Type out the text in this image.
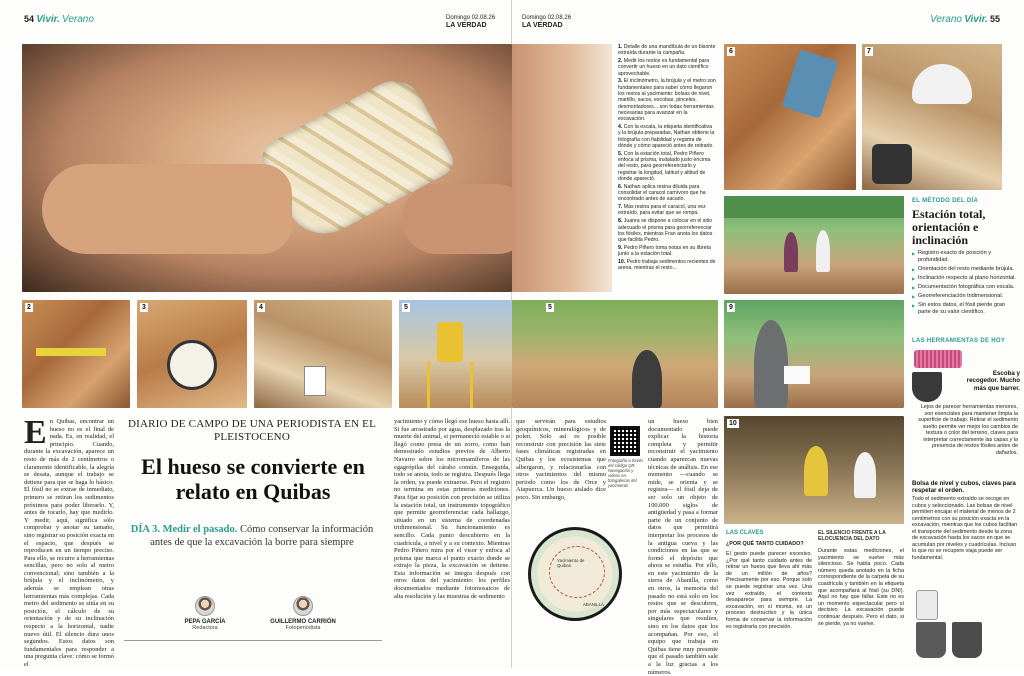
54 Vivir. Verano	Domingo 02.08.26
LA VERDAD
2	3	4	5
En Quibas, encontrar un hueso no es el final de nada. Es, en realidad, el principio. Cuando, durante la excavación, aparece un resto de más de 2 centímetros o claramente identificable, la alegría se desata, aunque el trabajo se detiene para que se haga lo básico. El fósil no se extrae de inmediato, primero se retiran los sedimentos próximos para poder liberarlo. Y, antes de tocarlo, hay que medirlo. Y medir, aquí, significa sólo comprobar y anotar su tamaño, sino registrar su posición exacta en el espacio, que después se reproducen en un tiempo preciso. Para ello, se recurre a herramientas sencillas, pero no solo al metro convencional; sino también a la brújula y el inclinómetro, y además se emplean otras herramientas más complejas. Cada metro del sedimento se sitúa en su posición, el cálculo de su orientación y de su inclinación respecto a la horizontal, nadie nuevo útil. El silencio dura unos segundos. Estos datos son fundamentales para responder a una pregunta clave: cómo se formó el
DIARIO DE CAMPO DE UNA PERIODISTA EN EL PLEISTOCENO
El hueso se convierte en relato en Quibas
DÍA 3. Medir el pasado. Cómo conservar la información antes de que la excavación la borre para siempre
PEPA GARCÍA
Redactora
GUILLERMO CARRIÓN
Fotoperiodista
yacimiento y cómo llegó ese hueso hasta allí. Si fue arrastrado por agua, desplazado tras la muerte del animal, si permaneció estable o si llegó como presa de un zorro, como han demostrado estudios previos de Alberto Navarro sobre los micromamíferos de las egagrópilas del cárabo común. Enseguida, todo se anota, todo se registra. Después llega la orden, ya puede extraerse. Pero el registro no termina en estas primeras mediciones. Para fijar su posición con precisión se utiliza la estación total, un instrumento topográfico que permite georreferenciar cada hallazgo, situado en un sistema de coordenadas tridimensional. Su funcionamiento es sencillo. Cada punto descubierto en la cuadrícula, a nivel y a su contexto. Mientras Pedro Piñero mira por el visor y enfoca al prisma que marca el punto exacto donde se extrajo la pieza, la excavación se detiene. Esta información se integra después con otros datos del yacimiento: los perfiles documentados mediante fotomosaicos de alta resolución y las muestras de sedimento
Domingo 02.08.26
LA VERDAD
Verano Vivir. 55

1. Detalle de una mandíbula de un bisonte extraída durante la campaña.

2. Medir los restos es fundamental para convertir un hueso en un dato científico aprovechable.

3. El inclinómetro, la brújula y el metro son fundamentales para saber cómo llegaron los restos al yacimiento: bolsas de nivel, martillo, sacos, escobas, pinceles, desmontadores... son todas herramientas necesarias para avanzar en la excavación.

4. Con la escala, la etiqueta identificativa y la brújula preparadas, Nathan obtiene la fotografía con fiabilidad y registra de dónde y cómo apareció antes de retirarlo.

5. Con la estación total, Pedro Piñero enfoca al prisma, instalado justo encima del resto, para georreferenciarlo y registrar la longitud, latitud y altitud de donde apareció.

6. Nathan aplica resina diluida para consolidar el caracol carnívoro que ha encontrado antes de sacarlo.

7. Más resina para el caracol, una vez extraído, para evitar que se rompa.

8. Juanra se dispone a colocar en el sitio adecuado el prisma para georreferenciar los fósiles, mientras Fran anota los datos que facilita Pedro.

9. Pedro Piñero toma notas en su libreta junto a la estación total.

10. Pedro trabaja sedimentos recientes de arena, mientras el resto...

6	7
5	9
10
que servirán para estudios geoquímicos, mineralógicos y de polen. Solo así es posible reconstruir con precisión las siete fases climáticas registradas en Quibas y los ecosistemas que albergaron, y relacionarlas con otros yacimientos del mismo periodo como los de Orce y Atapuerca. Un hueso aislado dice poco. Sin embargo,
Fotografía a través del código QR. Navegación y videos en fotogalerías del yacimiento
un hueso bien documentado puede explicar la historia completa y permitir reconstruir el yacimiento cuando aparezcan nuevas técnicas de análisis. En ese momento —cuando se mide, se orienta y se registra— el fósil deja de ser solo un objeto de 100.000 siglos de antigüedad y pasa a formar parte de un conjunto de datos que permitirá interpretar los procesos de la antigua cueva y las condiciones en las que se formó el depósito que ahora se estudia. Por ello, en este yacimiento de la sierra de Abanilla, como en otros, la memoria del pasado no está solo en los restos que se descubren, por más espectaculares y singulares que resulten, sino en los datos que los acompañan. Por eso, el equipo que trabaja en Quibas tiene muy presente que el pasado también sale a la luz gracias a los números.
Yacimiento de Quibas
ABANILLA
LAS CLAVES
¿POR QUÉ TANTO CUIDADO?
El gesto puede parecer excesivo. ¿Por qué tanto cuidado antes de retirar un hueso que lleva ahí más de un millón de años? Precisamente por eso. Porque solo se puede registrar una vez. Una vez extraído, el contexto desaparece para siempre. La excavación, en sí misma, es un proceso destructivo y la única forma de conservar la información es registrarla con precisión.
EL SILENCIO FRENTE A LA ELOCUENCIA DEL DATO
Durante estas mediciones, el yacimiento se vuelve más silencioso. Se habla poco. Cada número queda anotado en la ficha correspondiente de la carpeta de su cuadrícula y también en la etiqueta que acompañará al fósil (su DNI). Aquí no hay que fallar. Este no es un momento espectacular pero sí decisivo. La excavación puede continuar después. Pero el dato, si se pierde, ya no vuelve.
EL MÉTODO DEL DÍA
Estación total, orientación e inclinación
▶ Registro exacto de posición y profundidad.
▶ Orientación del resto mediante brújula.
▶ Inclinación respecto al plano horizontal.
▶ Documentación fotográfica con escala.
▶ Georreferenciación tridimensional.
▶ Sin estos datos, el fósil pierde gran parte de su valor científico.
LAS HERRAMIENTAS DE HOY
Escoba y recogedor. Mucho más que barrer.
Lejos de parecer herramientas menores, son esenciales para mantener limpia la superficie de trabajo. Retirar el sedimento suelto permite ver mejor los cambios de textura o color del terreno, claves para interpretar correctamente las capas y la presencia de restos fósiles antes de dañarlos.
Bolsa de nivel y cubos, claves para respetar el orden.
Todo el sedimento extraído se recoge en cubos y seleccionado. Las bolsas de nivel permiten encajar el material de menos de 2 centímetros con su posición exacta en la excavación, mientras que los cubos facilitan el transporte del sedimento desde la zona de excavación hasta los sacos en que se acumulan por niveles y cuadrículas. Incluso lo que no se recupere viaja puede ser fundamental.
